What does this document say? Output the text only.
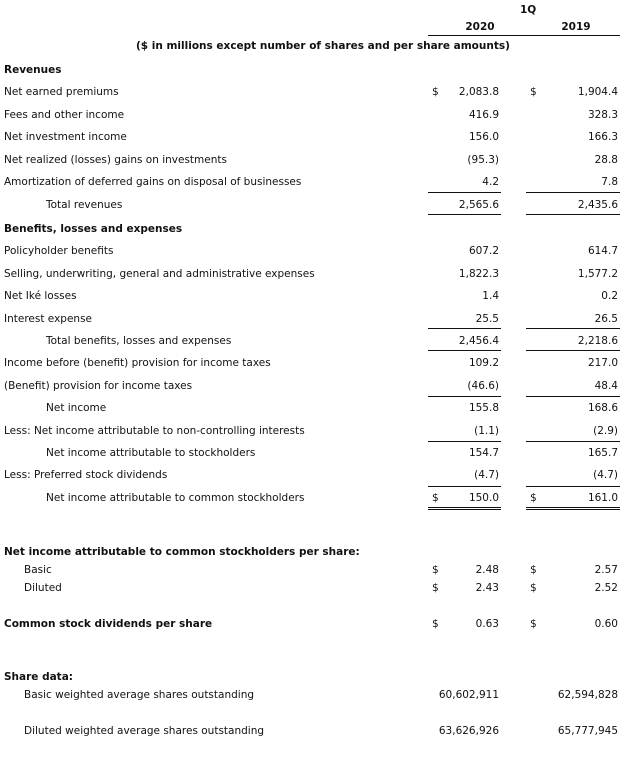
1Q
2020	2019
($ in millions except number of shares and per share amounts)
Revenues
Net earned premiums	$ 2,083.8	$	1,904.4
Fees and other income	416.9	328.3
Net investment income	156.0	166.3
Net realized (losses) gains on investments	(95.3)	28.8
Amortization of deferred gains on disposal of businesses	4.2	7.8
Total revenues	2,565.6	2,435.6
Benefits, losses and expenses
Policyholder benefits	607.2	614.7
Selling, underwriting, general and administrative expenses	1,822.3	1,577.2
Net Iké losses	1.4	0.2
Interest expense	25.5	26.5
Total benefits, losses and expenses	2,456.4	2,218.6
Income before (benefit) provision for income taxes	109.2	217.0
(Benefit) provision for income taxes	(46.6)	48.4
Net income	155.8	168.6
Less: Net income attributable to non-controlling interests	(1.1)	(2.9)
Net income attributable to stockholders	154.7	165.7
Less: Preferred stock dividends	(4.7)	(4.7)
Net income attributable to common stockholders	$	150.0	$	161.0
Net income attributable to common stockholders per share:
Basic	$	2.48	$	2.57
Diluted	$	2.43	$	2.52
Common stock dividends per share	$	0.63	$	0.60
Share data:
Basic weighted average shares outstanding	60,602,911	62,594,828
Diluted weighted average shares outstanding	63,626,926	65,777,945
